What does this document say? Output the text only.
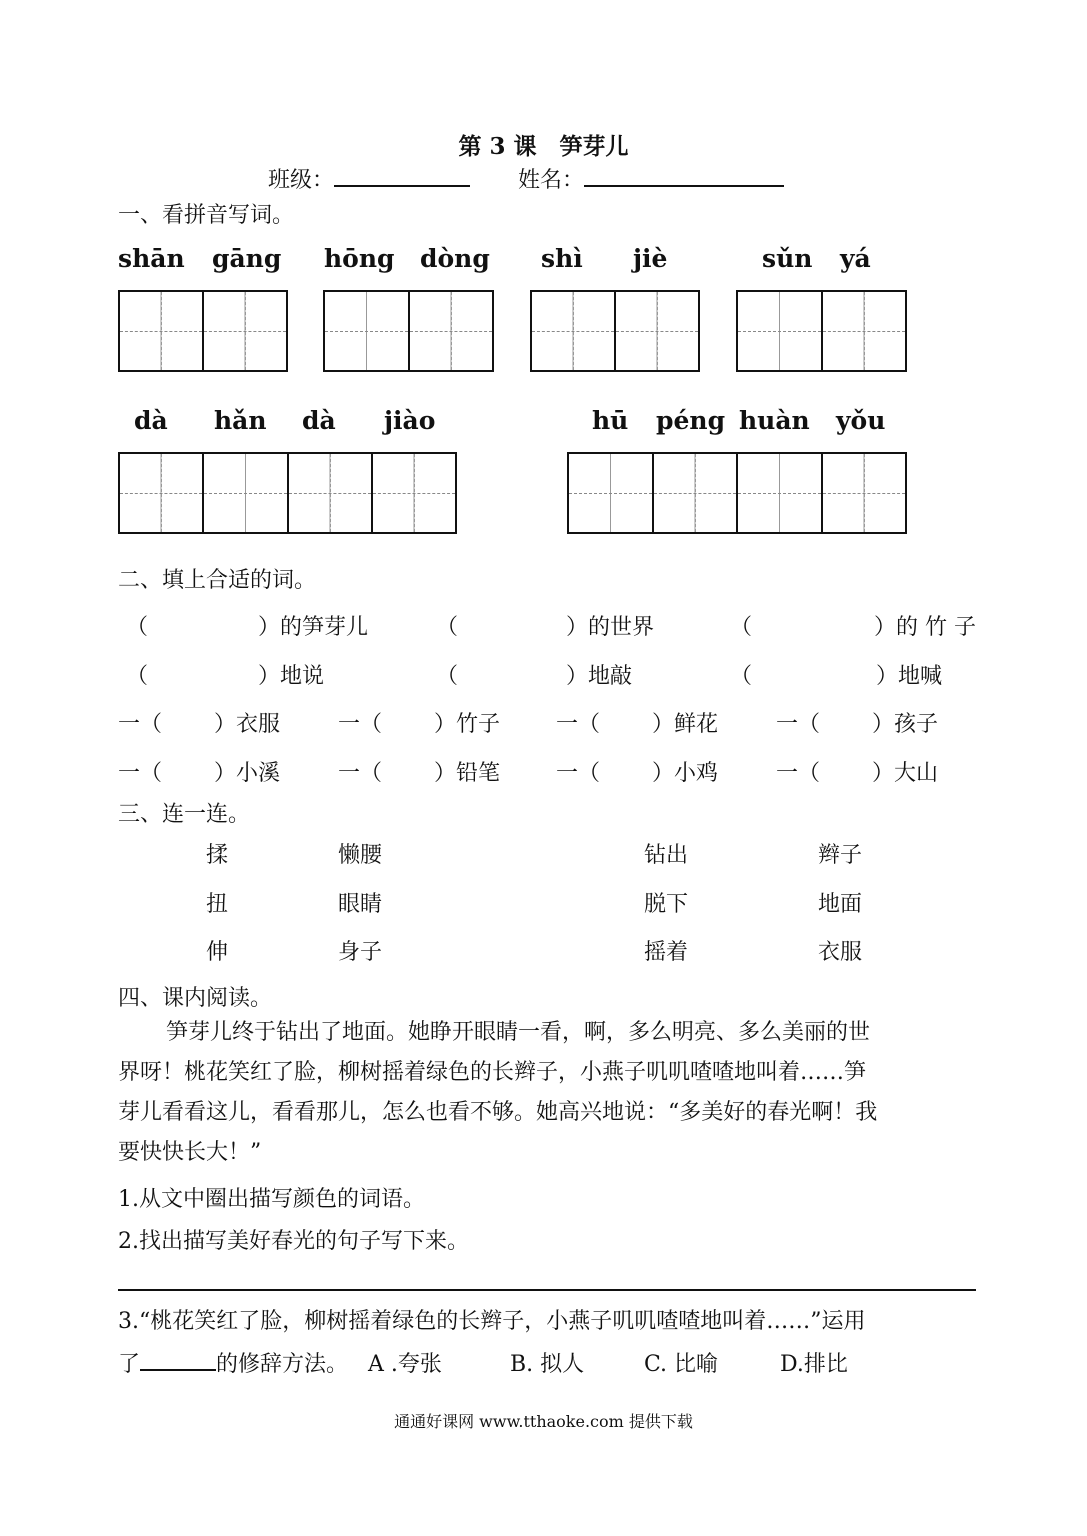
第 3 课　笋芽儿
班级：	姓名：
一、看拼音写词。
shān gāng hōng dòng shì jiè	sǔn yá
dà hǎn dà jiào	hū péng huàn yǒu
二、填上合适的词。
（	）的笋芽儿	（	）的世界	（	）的 竹 子
（	）地说	（	）地敲	（	）地喊
一（ ）衣服	一（ ）竹子	一（ ）鲜花	一（ ）孩子
一（ ）小溪	一（ ）铅笔	一（ ）小鸡	一（ ）大山
三、连一连。
揉	懒腰	钻出	辫子
扭	眼睛	脱下	地面
伸	身子	摇着	衣服
四、课内阅读。
笋芽儿终于钻出了地面。她睁开眼睛一看，啊，多么明亮、多么美丽的世
界呀！桃花笑红了脸，柳树摇着绿色的长辫子，小燕子叽叽喳喳地叫着……笋
芽儿看看这儿，看看那儿，怎么也看不够。她高兴地说：“多美好的春光啊！我
要快快长大！”
1.从文中圈出描写颜色的词语。
2.找出描写美好春光的句子写下来。
3.“桃花笑红了脸，柳树摇着绿色的长辫子，小燕子叽叽喳喳地叫着……”运用
了	的修辞方法。 A .夸张	B. 拟人	C. 比喻	D.排比
通通好课网 www.tthaoke.com 提供下载
